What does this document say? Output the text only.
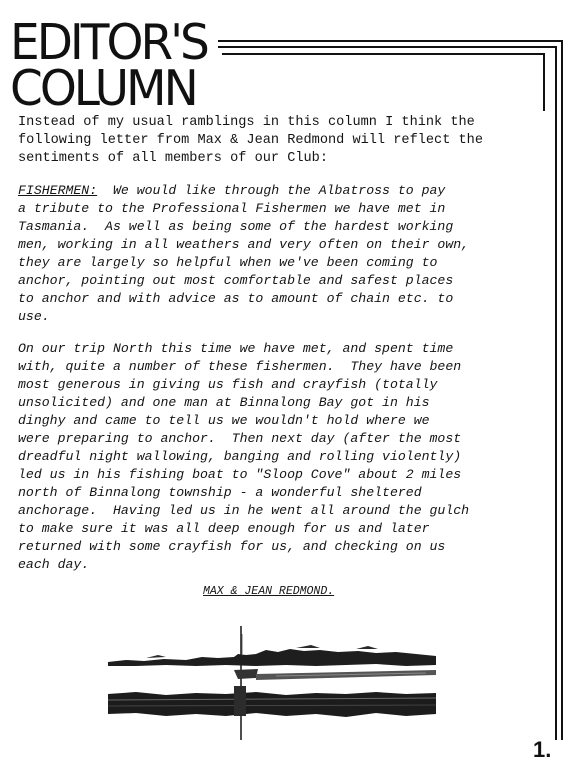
EDITOR'S
COLUMN
Instead of my usual ramblings in this column I think the
following letter from Max & Jean Redmond will reflect the
sentiments of all members of our Club:
FISHERMEN:  We would like through the Albatross to pay
a tribute to the Professional Fishermen we have met in
Tasmania.  As well as being some of the hardest working
men, working in all weathers and very often on their own,
they are largely so helpful when we've been coming to
anchor, pointing out most comfortable and safest places
to anchor and with advice as to amount of chain etc. to
use.
On our trip North this time we have met, and spent time
with, quite a number of these fishermen.  They have been
most generous in giving us fish and crayfish (totally
unsolicited) and one man at Binnalong Bay got in his
dinghy and came to tell us we wouldn't hold where we
were preparing to anchor.  Then next day (after the most
dreadful night wallowing, banging and rolling violently)
led us in his fishing boat to "Sloop Cove" about 2 miles
north of Binnalong township - a wonderful sheltered
anchorage.  Having led us in he went all around the gulch
to make sure it was all deep enough for us and later
returned with some crayfish for us, and checking on us
each day.
MAX & JEAN REDMOND.
1.
